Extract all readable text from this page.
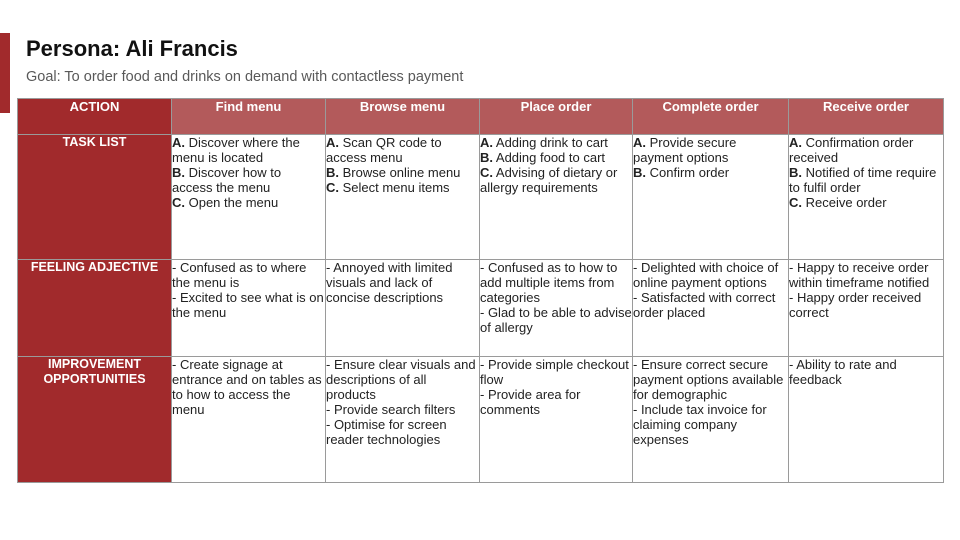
Persona: Ali Francis
Goal: To order food and drinks on demand with contactless payment
ACTION	Find menu	Browse menu	Place order	Complete order	Receive order
TASK LIST	A. Discover where the menu is located
B. Discover how to access the menu
C. Open the menu	A. Scan QR code to access menu
B. Browse online menu
C. Select menu items	A. Adding drink to cart
B. Adding food to cart
C. Advising of dietary or allergy requirements	A. Provide secure payment options
B. Confirm order	A. Confirmation order received
B. Notified of time require to fulfil order
C. Receive order

FEELING ADJECTIVE	- Confused as to where the menu is
- Excited to see what is on the menu	- Annoyed with limited visuals and lack of concise descriptions	- Confused as to how to add multiple items from categories
- Glad to be able to advise of allergy	- Delighted with choice of online payment options
- Satisfacted with correct order placed	- Happy to receive order within timeframe notified
- Happy order received correct

IMPROVEMENT OPPORTUNITIES	- Create signage at entrance and on tables as to how to access the menu	- Ensure clear visuals and descriptions of all products
- Provide search filters
- Optimise for screen reader technologies	- Provide simple checkout flow
- Provide area for comments	- Ensure correct secure payment options available for demographic
- Include tax invoice for claiming company expenses	- Ability to rate and feedback
